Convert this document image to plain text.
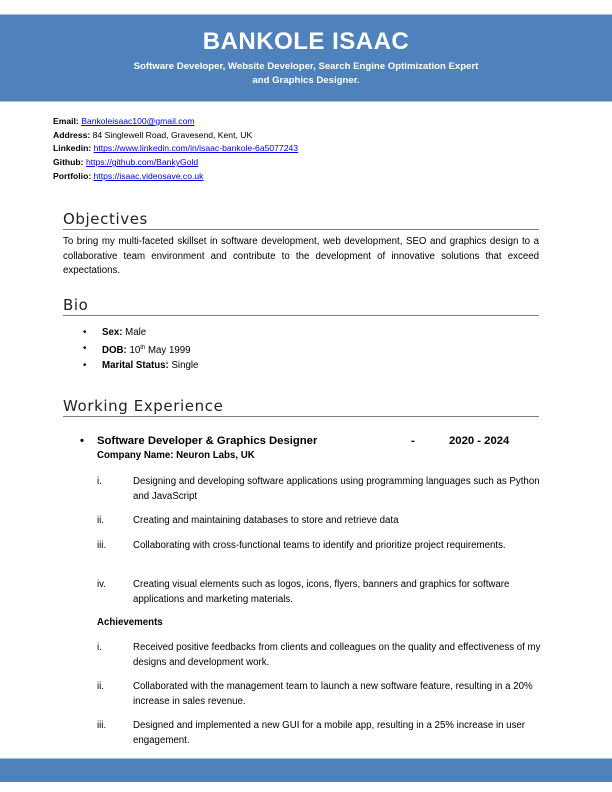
BANKOLE ISAAC
Software Developer, Website Developer, Search Engine Optimization Expert
and Graphics Designer.
Email: Bankoleisaac100@gmail.com
Address: 84 Singlewell Road, Gravesend, Kent, UK
Linkedin: https://www.linkedin.com/in/isaac-bankole-6a5077243
Github: https://github.com/BankyGold
Portfolio: https://isaac.videosave.co.uk
Objectives
To bring my multi-faceted skillset in software development, web development, SEO and graphics design to a collaborative team environment and contribute to the development of innovative solutions that exceed expectations.
Bio
• Sex: Male
• DOB: 10th May 1999
• Marital Status: Single
Working Experience
• Software Developer & Graphics Designer	-	2020 - 2024
Company Name: Neuron Labs, UK
i.	Designing and developing software applications using programming languages such as Python and JavaScript
ii.	Creating and maintaining databases to store and retrieve data
iii.	Collaborating with cross-functional teams to identify and prioritize project requirements.
iv.	Creating visual elements such as logos, icons, flyers, banners and graphics for software applications and marketing materials.
Achievements
i.	Received positive feedbacks from clients and colleagues on the quality and effectiveness of my designs and development work.
ii.	Collaborated with the management team to launch a new software feature, resulting in a 20% increase in sales revenue.
iii.	Designed and implemented a new GUI for a mobile app, resulting in a 25% increase in user engagement.
